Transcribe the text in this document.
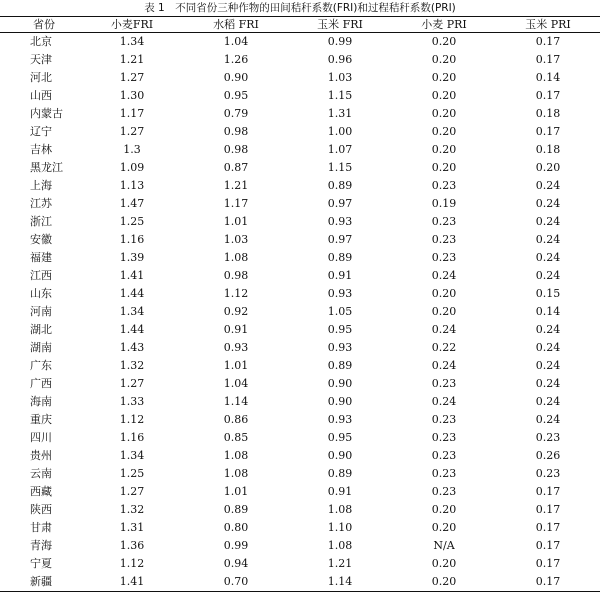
表 1　不同省份三种作物的田间秸秆系数(FRI)和过程秸秆系数(PRI)
省份	小麦FRI	水稻 FRI	玉米 FRI	小麦 PRI	玉米 PRI
北京	1.34	1.04	0.99	0.20	0.17
天津	1.21	1.26	0.96	0.20	0.17
河北	1.27	0.90	1.03	0.20	0.14
山西	1.30	0.95	1.15	0.20	0.17
内蒙古	1.17	0.79	1.31	0.20	0.18
辽宁	1.27	0.98	1.00	0.20	0.17
吉林	1.3	0.98	1.07	0.20	0.18
黑龙江	1.09	0.87	1.15	0.20	0.20
上海	1.13	1.21	0.89	0.23	0.24
江苏	1.47	1.17	0.97	0.19	0.24
浙江	1.25	1.01	0.93	0.23	0.24
安徽	1.16	1.03	0.97	0.23	0.24
福建	1.39	1.08	0.89	0.23	0.24
江西	1.41	0.98	0.91	0.24	0.24
山东	1.44	1.12	0.93	0.20	0.15
河南	1.34	0.92	1.05	0.20	0.14
湖北	1.44	0.91	0.95	0.24	0.24
湖南	1.43	0.93	0.93	0.22	0.24
广东	1.32	1.01	0.89	0.24	0.24
广西	1.27	1.04	0.90	0.23	0.24
海南	1.33	1.14	0.90	0.24	0.24
重庆	1.12	0.86	0.93	0.23	0.24
四川	1.16	0.85	0.95	0.23	0.23
贵州	1.34	1.08	0.90	0.23	0.26
云南	1.25	1.08	0.89	0.23	0.23
西藏	1.27	1.01	0.91	0.23	0.17
陕西	1.32	0.89	1.08	0.20	0.17
甘肃	1.31	0.80	1.10	0.20	0.17
青海	1.36	0.99	1.08	N/A	0.17
宁夏	1.12	0.94	1.21	0.20	0.17
新疆	1.41	0.70	1.14	0.20	0.17
